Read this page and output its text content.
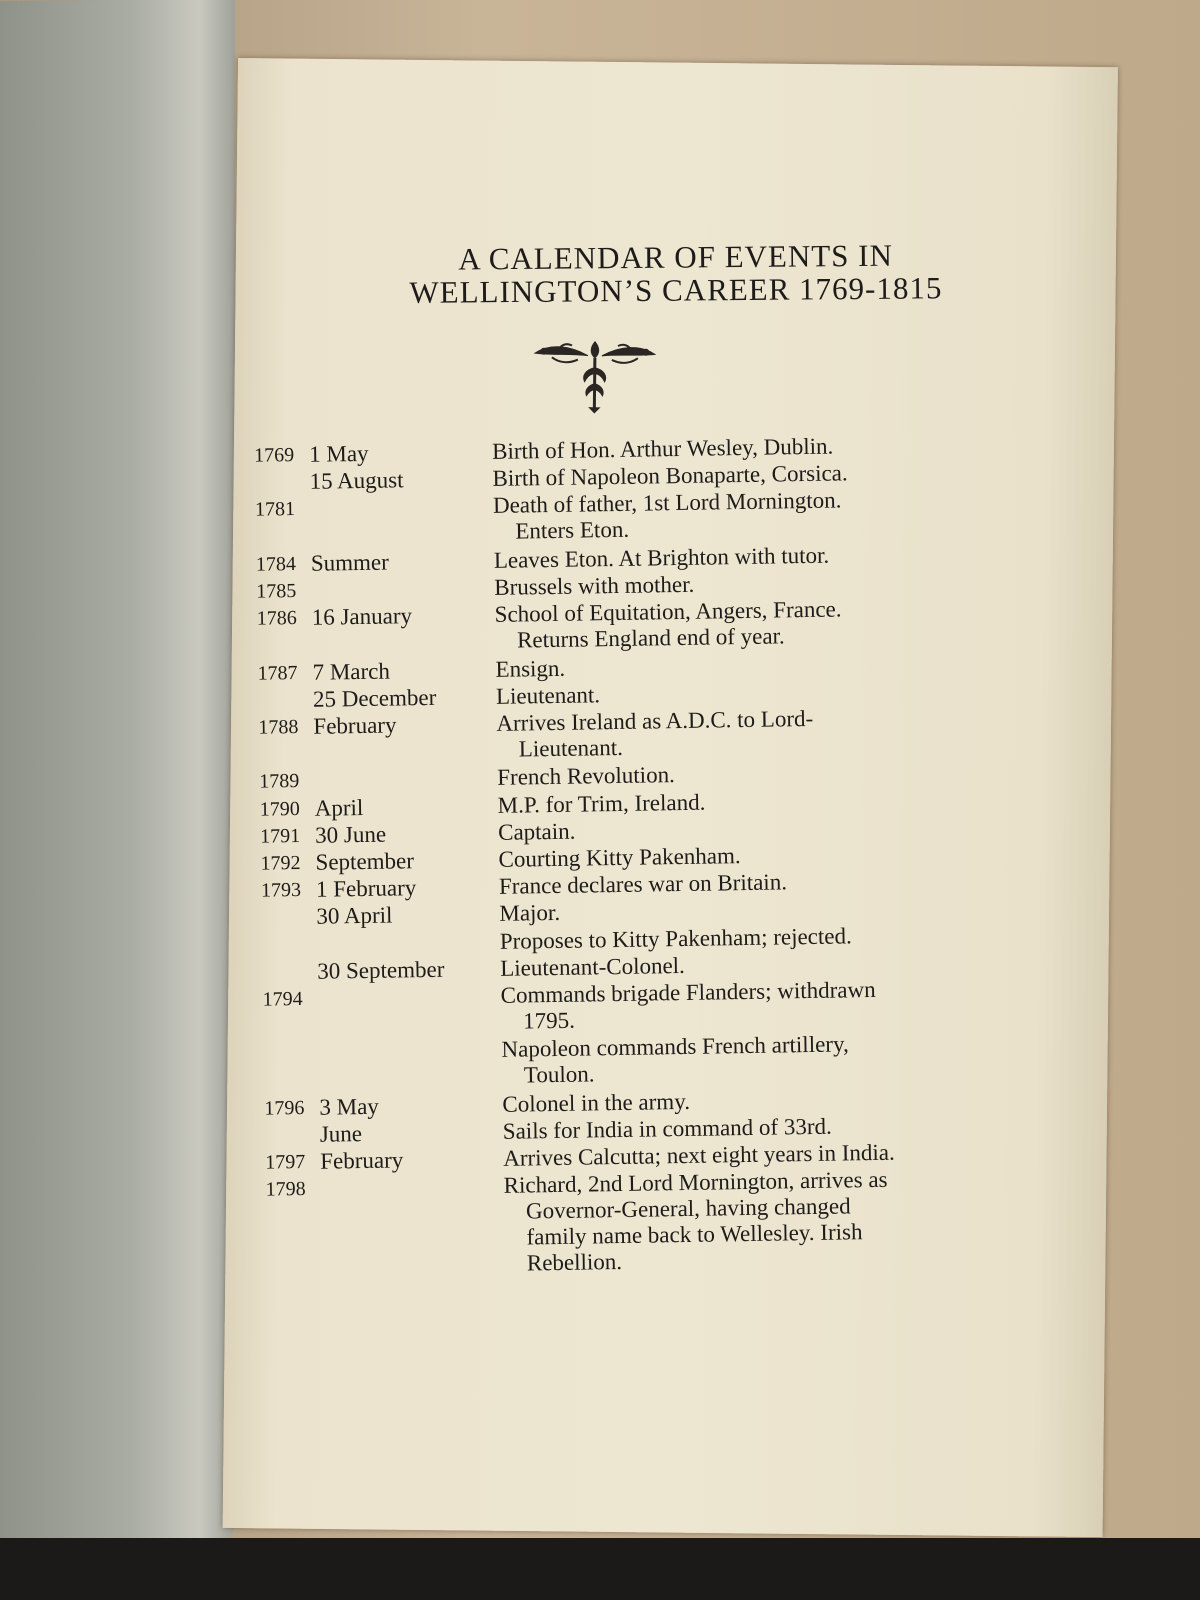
A CALENDAR OF EVENTS IN
WELLINGTON’S CAREER 1769-1815
1769 1 May	Birth of Hon. Arthur Wesley, Dublin.
15 August	Birth of Napoleon Bonaparte, Corsica.
1781	Death of father, 1st Lord Mornington.
Enters Eton.
1784 Summer	Leaves Eton. At Brighton with tutor.
1785	Brussels with mother.
1786 16 January	School of Equitation, Angers, France.
Returns England end of year.
1787 7 March	Ensign.
25 December	Lieutenant.
1788 February	Arrives Ireland as A.D.C. to Lord-
Lieutenant.
1789	French Revolution.
1790 April	M.P. for Trim, Ireland.
1791 30 June	Captain.
1792 September	Courting Kitty Pakenham.
1793 1 February	France declares war on Britain.
30 April	Major.
Proposes to Kitty Pakenham; rejected.
30 September	Lieutenant-Colonel.
1794	Commands brigade Flanders; withdrawn
1795.
Napoleon commands French artillery,
Toulon.
1796 3 May	Colonel in the army.
June	Sails for India in command of 33rd.
1797 February	Arrives Calcutta; next eight years in India.
1798	Richard, 2nd Lord Mornington, arrives as
Governor-General, having changed
family name back to Wellesley. Irish
Rebellion.
